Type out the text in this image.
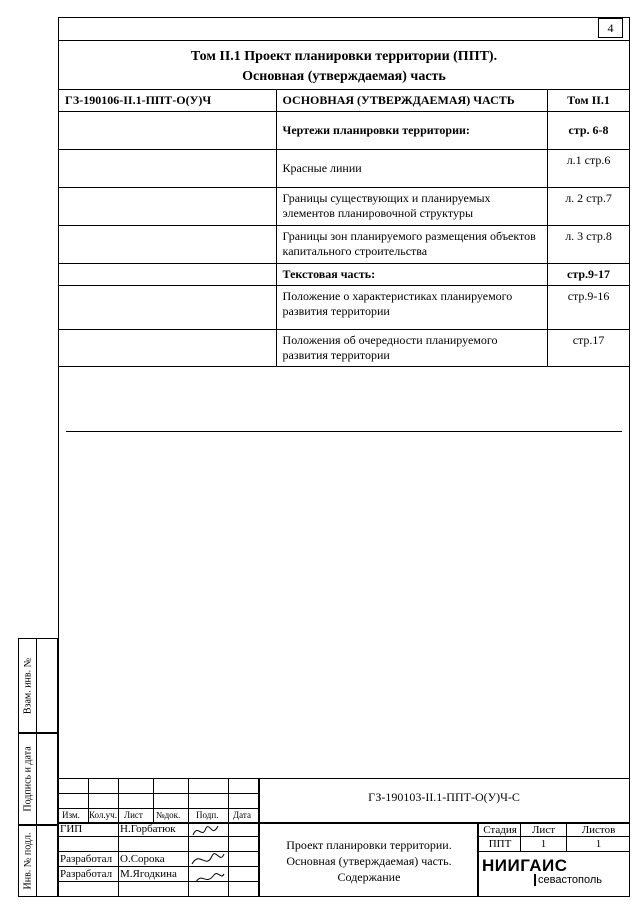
4
Том II.1 Проект планировки территории (ППТ).
Основная (утверждаемая) часть
ГЗ-190106-II.1-ППТ-О(У)Ч	ОСНОВНАЯ (УТВЕРЖДАЕМАЯ) ЧАСТЬ	Том II.1
	Чертежи планировки территории:	стр. 6-8
	Красные линии	л.1 стр.6
	Границы существующих и планируемых элементов планировочной структуры	л. 2 стр.7
	Границы зон планируемого размещения объектов капитального строительства	л. 3 стр.8
	Текстовая часть:	стр.9-17
	Положение о характеристиках планируемого развития территории	стр.9-16
	Положения об очередности планируемого развития территории	стр.17
Взам. инв. №
Подпись и дата
Инв. № подл.
ГЗ-190103-II.1-ППТ-О(У)Ч-С
Изм. Кол.уч. Лист №док. Подп. Дата
ГИП	Н.Горбатюк
Разработал О.Сорока
Разработал М.Ягодкина
Проект планировки территории.
Основная (утверждаемая) часть.
Содержание
Стадия	Лист	Листов
ППТ	1	1
НИИГАИС
севастополь
